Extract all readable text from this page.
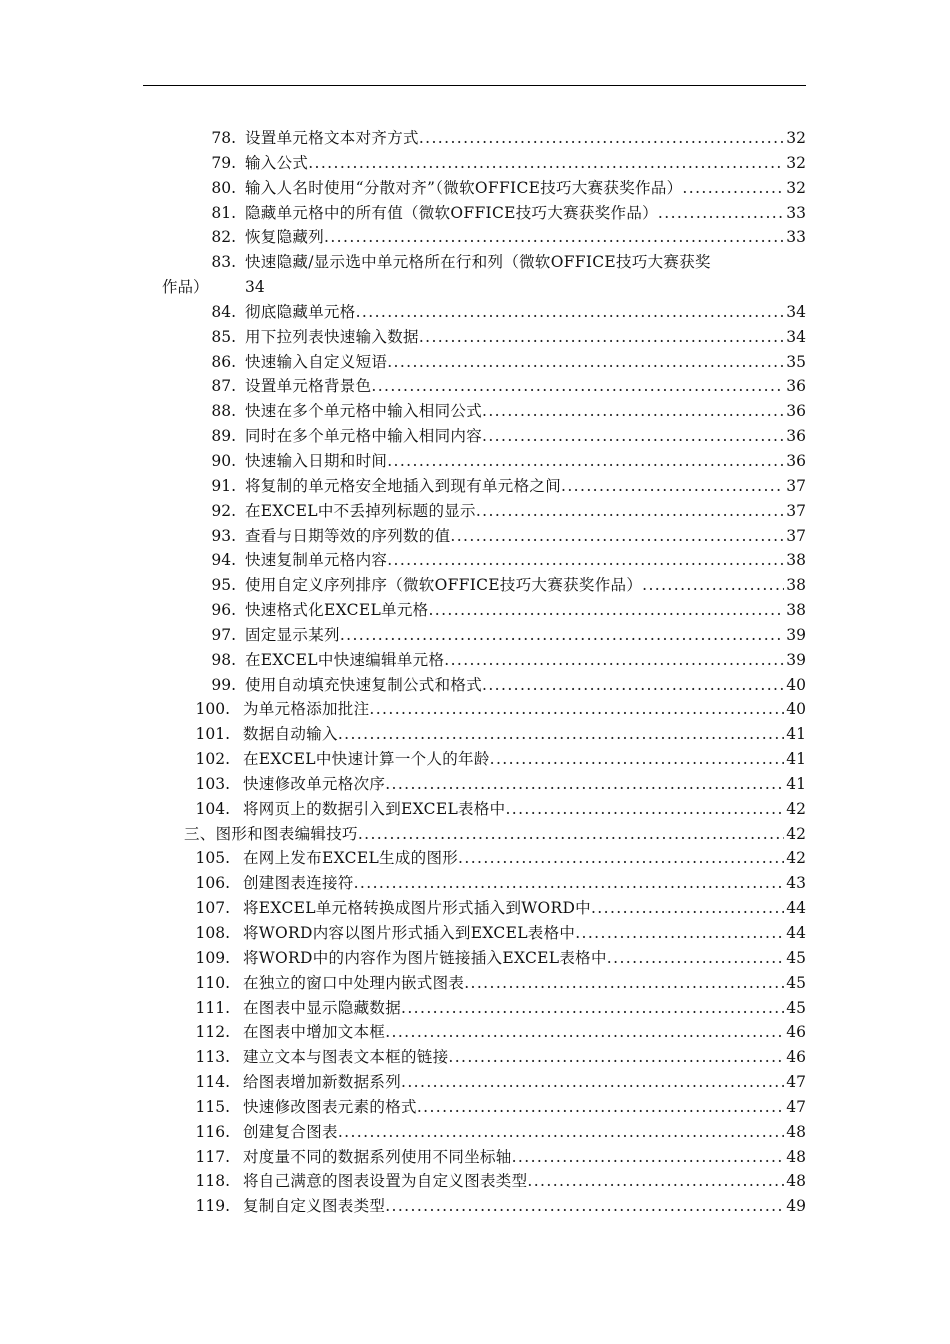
78. 设置单元格文本对齐方式 .....	32
79. 输入公式 .....	32
80. 输入人名时使用“分散对齐”（微软OFFICE技巧大赛获奖作品） .....	32
81. 隐藏单元格中的所有值（微软OFFICE技巧大赛获奖作品） .....	33
82. 恢复隐藏列 .....	33
83. 快速隐藏/显示选中单元格所在行和列（微软OFFICE技巧大赛获奖
作品） 34
84. 彻底隐藏单元格 .....	34
85. 用下拉列表快速输入数据 .....	34
86. 快速输入自定义短语 .....	35
87. 设置单元格背景色 .....	36
88. 快速在多个单元格中输入相同公式 .....	36
89. 同时在多个单元格中输入相同内容 .....	36
90. 快速输入日期和时间 .....	36
91. 将复制的单元格安全地插入到现有单元格之间 .....	37
92. 在EXCEL中不丢掉列标题的显示 .....	37
93. 查看与日期等效的序列数的值 .....	37
94. 快速复制单元格内容 .....	38
95. 使用自定义序列排序（微软OFFICE技巧大赛获奖作品） .....	38
96. 快速格式化EXCEL单元格 .....	38
97. 固定显示某列 .....	39
98. 在EXCEL中快速编辑单元格 .....	39
99. 使用自动填充快速复制公式和格式 .....	40
100. 为单元格添加批注 .....	40
101. 数据自动输入 .....	41
102. 在EXCEL中快速计算一个人的年龄 .....	41
103. 快速修改单元格次序 .....	41
104. 将网页上的数据引入到EXCEL表格中 .....	42
三、图形和图表编辑技巧 .....	42
105. 在网上发布EXCEL生成的图形 .....	42
106. 创建图表连接符 .....	43
107. 将EXCEL单元格转换成图片形式插入到WORD中 .....	44
108. 将WORD内容以图片形式插入到EXCEL表格中 .....	44
109. 将WORD中的内容作为图片链接插入EXCEL表格中 .....	45
110. 在独立的窗口中处理内嵌式图表 .....	45
111. 在图表中显示隐藏数据 .....	45
112. 在图表中增加文本框 .....	46
113. 建立文本与图表文本框的链接 .....	46
114. 给图表增加新数据系列 .....	47
115. 快速修改图表元素的格式 .....	47
116. 创建复合图表 .....	48
117. 对度量不同的数据系列使用不同坐标轴 .....	48
118. 将自己满意的图表设置为自定义图表类型 .....	48
119. 复制自定义图表类型 .....	49
